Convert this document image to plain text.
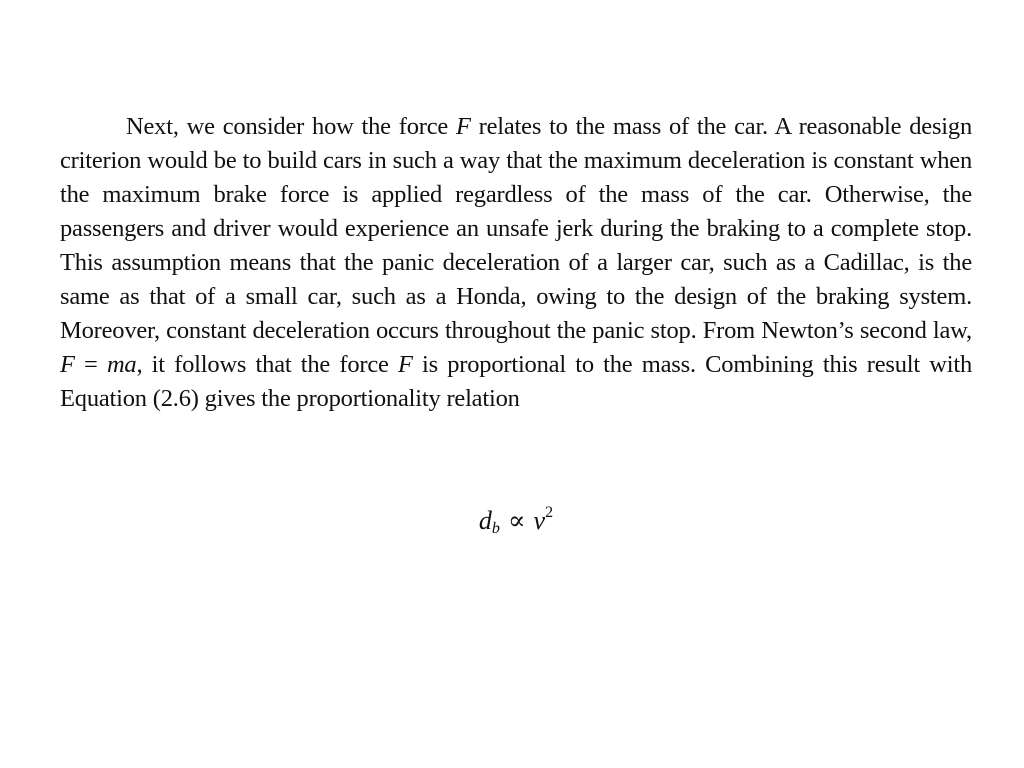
Next, we consider how the force F relates to the mass of the car. A reasonable design criterion would be to build cars in such a way that the maximum deceleration is constant when the maximum brake force is applied regardless of the mass of the car. Otherwise, the passengers and driver would experience an unsafe jerk during the braking to a complete stop. This assumption means that the panic deceleration of a larger car, such as a Cadillac, is the same as that of a small car, such as a Honda, owing to the design of the braking system. Moreover, constant deceleration occurs throughout the panic stop. From Newton’s second law, F = ma, it follows that the force F is proportional to the mass. Combining this result with Equation (2.6) gives the proportionality relation

$d_b \propto v^2$
